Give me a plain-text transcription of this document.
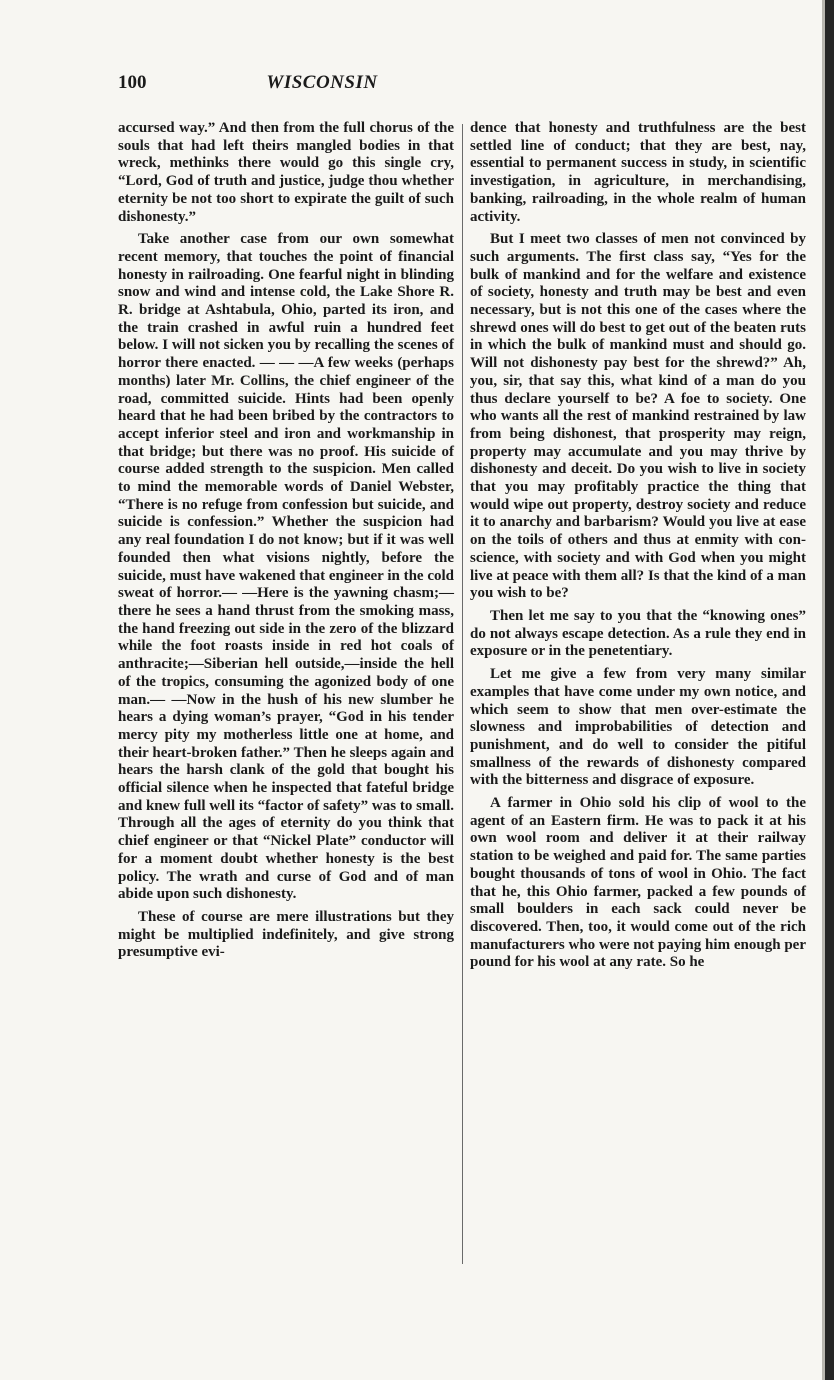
100	WISCONSIN

accursed way.” And then from the full chorus of the souls that had left theirs mangled bodies in that wreck, methinks there would go this single cry, “Lord, God of truth and justice, judge thou whether eternity be not too short to expirate the guilt of such dishonesty.”

Take another case from our own somewhat recent memory, that touches the point of financial honesty in railroading. One fearful night in blinding snow and wind and intense cold, the Lake Shore R. R. bridge at Ashtabula, Ohio, parted its iron, and the train crashed in awful ruin a hundred feet below. I will not sicken you by recalling the scenes of horror there enacted. — — —A few weeks (perhaps months) later Mr. Collins, the chief engineer of the road, committed suicide. Hints had been openly heard that he had been bribed by the contractors to accept inferior steel and iron and workmanship in that bridge; but there was no proof. His suicide of course added strength to the suspicion. Men called to mind the memorable words of Daniel Webster, “There is no refuge from confession but suicide, and suicide is confession.” Whether the suspicion had any real foundation I do not know; but if it was well founded then what visions nightly, before the suicide, must have wakened that engineer in the cold sweat of horror.— —Here is the yawning chasm;— there he sees a hand thrust from the smoking mass, the hand freezing out side in the zero of the blizzard while the foot roasts inside in red hot coals of anthracite;—Siberian hell outside,—inside the hell of the tropics, consuming the agonized body of one man.— —Now in the hush of his new slumber he hears a dying woman’s prayer, “God in his tender mercy pity my motherless little one at home, and their heart-broken father.” Then he sleeps again and hears the harsh clank of the gold that bought his official silence when he inspected that fateful bridge and knew full well its “factor of safety” was to small. Through all the ages of eternity do you think that chief engineer or that “Nickel Plate” conductor will for a moment doubt whether honesty is the best policy. The wrath and curse of God and of man abide upon such dishonesty.

These of course are mere illustrations but they might be multiplied indefinitely, and give strong presumptive evi-

dence that honesty and truthfulness are the best settled line of conduct; that they are best, nay, essential to permanent success in study, in scientific investigation, in agriculture, in merchandising, banking, railroading, in the whole realm of human activity.

But I meet two classes of men not convinced by such arguments. The first class say, “Yes for the bulk of mankind and for the welfare and existence of society, honesty and truth may be best and even necessary, but is not this one of the cases where the shrewd ones will do best to get out of the beaten ruts in which the bulk of mankind must and should go. Will not dishonesty pay best for the shrewd?” Ah, you, sir, that say this, what kind of a man do you thus declare yourself to be? A foe to society. One who wants all the rest of mankind restrained by law from being dishonest, that prosperity may reign, property may accumulate and you may thrive by dishonesty and deceit. Do you wish to live in society that you may profitably practice the thing that would wipe out property, destroy society and reduce it to anarchy and barbarism? Would you live at ease on the toils of others and thus at enmity with conscience, with society and with God when you might live at peace with them all? Is that the kind of a man you wish to be?

Then let me say to you that the “knowing ones” do not always escape detection. As a rule they end in exposure or in the penetentiary.

Let me give a few from very many similar examples that have come under my own notice, and which seem to show that men over-estimate the slowness and improbabilities of detection and punishment, and do well to consider the pitiful smallness of the rewards of dishonesty compared with the bitterness and disgrace of exposure.

A farmer in Ohio sold his clip of wool to the agent of an Eastern firm. He was to pack it at his own wool room and deliver it at their railway station to be weighed and paid for. The same parties bought thousands of tons of wool in Ohio. The fact that he, this Ohio farmer, packed a few pounds of small boulders in each sack could never be discovered. Then, too, it would come out of the rich manufacturers who were not paying him enough per pound for his wool at any rate. So he
